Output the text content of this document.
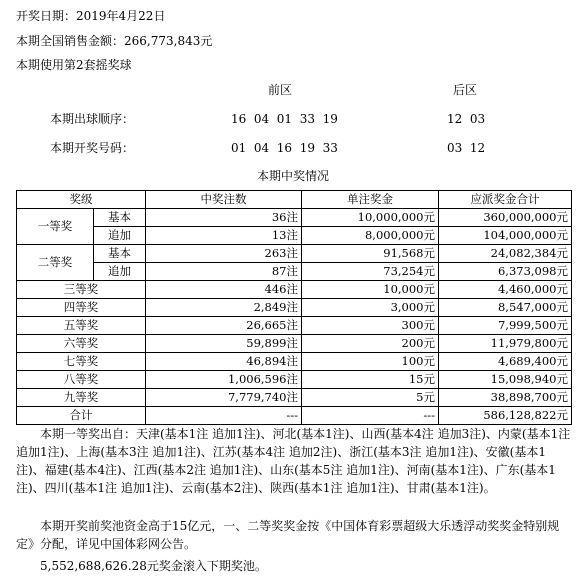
开奖日期：2019年4月22日
本期全国销售金额：266,773,843元
本期使用第2套摇奖球
前区	后区
本期出球顺序：	16  04  01  33  19	12  03
本期开奖号码：	01  04  16  19  33	03  12
本期中奖情况
奖级		中奖注数	单注奖金	应派奖金合计
一等奖	基本	36注	10,000,000元	360,000,000元
	追加	13注	8,000,000元	104,000,000元
二等奖	基本	263注	91,568元	24,082,384元
	追加	87注	73,254元	6,373,098元
三等奖		446注	10,000元	4,460,000元
四等奖		2,849注	3,000元	8,547,000元
五等奖		26,665注	300元	7,999,500元
六等奖		59,899注	200元	11,979,800元
七等奖		46,894注	100元	4,689,400元
八等奖		1,006,596注	15元	15,098,940元
九等奖		7,779,740注	5元	38,898,700元
合计		---	---	586,128,822元
本期一等奖出自：天津(基本1注 追加1注)、河北(基本1注)、山西(基本4注 追加3注)、内蒙(基本1注 追加1注)、上海(基本3注 追加1注)、江苏(基本4注 追加2注)、浙江(基本3注 追加1注)、安徽(基本1注)、福建(基本4注)、江西(基本2注 追加1注)、山东(基本5注 追加1注)、河南(基本1注)、广东(基本1注)、四川(基本1注 追加1注)、云南(基本2注)、陕西(基本1注 追加1注)、甘肃(基本1注)。
本期开奖前奖池资金高于15亿元，一、二等奖奖金按《中国体育彩票超级大乐透浮动奖奖金特别规定》分配，详见中国体彩网公告。
5,552,688,626.28元奖金滚入下期奖池。
